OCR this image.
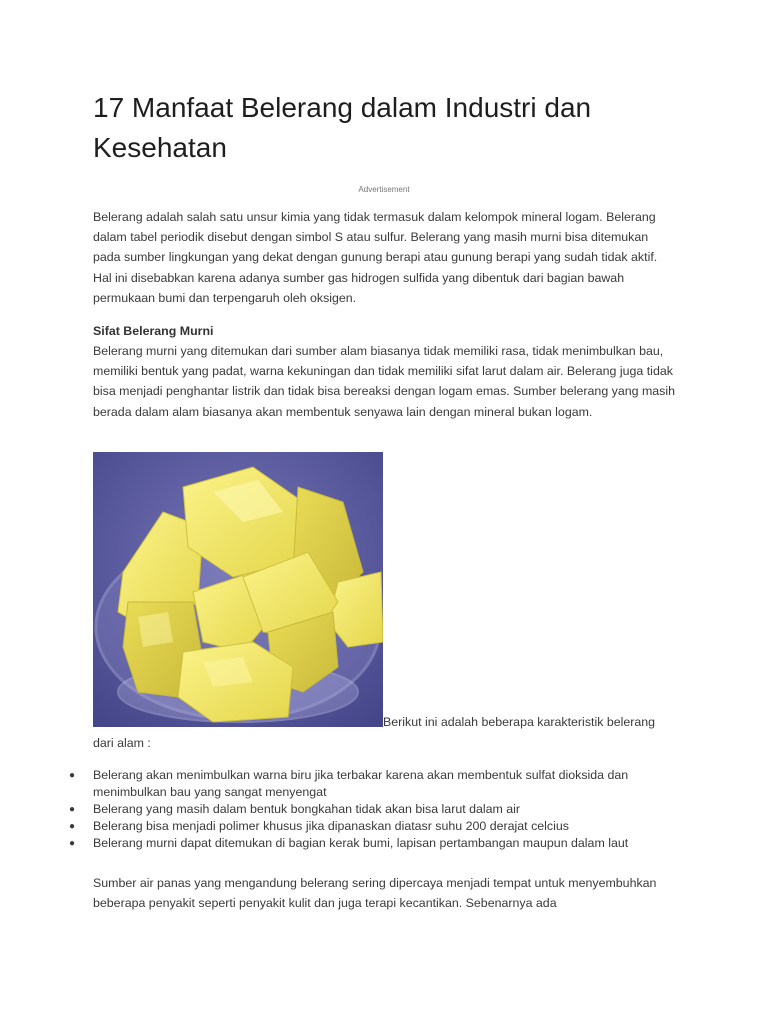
17 Manfaat Belerang dalam Industri dan Kesehatan
Advertisement

Belerang adalah salah satu unsur kimia yang tidak termasuk dalam kelompok mineral logam. Belerang dalam tabel periodik disebut dengan simbol S atau sulfur. Belerang yang masih murni bisa ditemukan pada sumber lingkungan yang dekat dengan gunung berapi atau gunung berapi yang sudah tidak aktif. Hal ini disebabkan karena adanya sumber gas hidrogen sulfida yang dibentuk dari bagian bawah permukaan bumi dan terpengaruh oleh oksigen.

Sifat Belerang Murni

Belerang murni yang ditemukan dari sumber alam biasanya tidak memiliki rasa, tidak menimbulkan bau, memiliki bentuk yang padat, warna kekuningan dan tidak memiliki sifat larut dalam air. Belerang juga tidak bisa menjadi penghantar listrik dan tidak bisa bereaksi dengan logam emas. Sumber belerang yang masih berada dalam alam biasanya akan membentuk senyawa lain dengan mineral bukan logam.

Berikut ini adalah beberapa karakteristik belerang
dari alam :
● Belerang akan menimbulkan warna biru jika terbakar karena akan membentuk sulfat dioksida dan menimbulkan bau yang sangat menyengat
● Belerang yang masih dalam bentuk bongkahan tidak akan bisa larut dalam air
● Belerang bisa menjadi polimer khusus jika dipanaskan diatasr suhu 200 derajat celcius
● Belerang murni dapat ditemukan di bagian kerak bumi, lapisan pertambangan maupun dalam laut

Sumber air panas yang mengandung belerang sering dipercaya menjadi tempat untuk menyembuhkan beberapa penyakit seperti penyakit kulit dan juga terapi kecantikan. Sebenarnya ada
